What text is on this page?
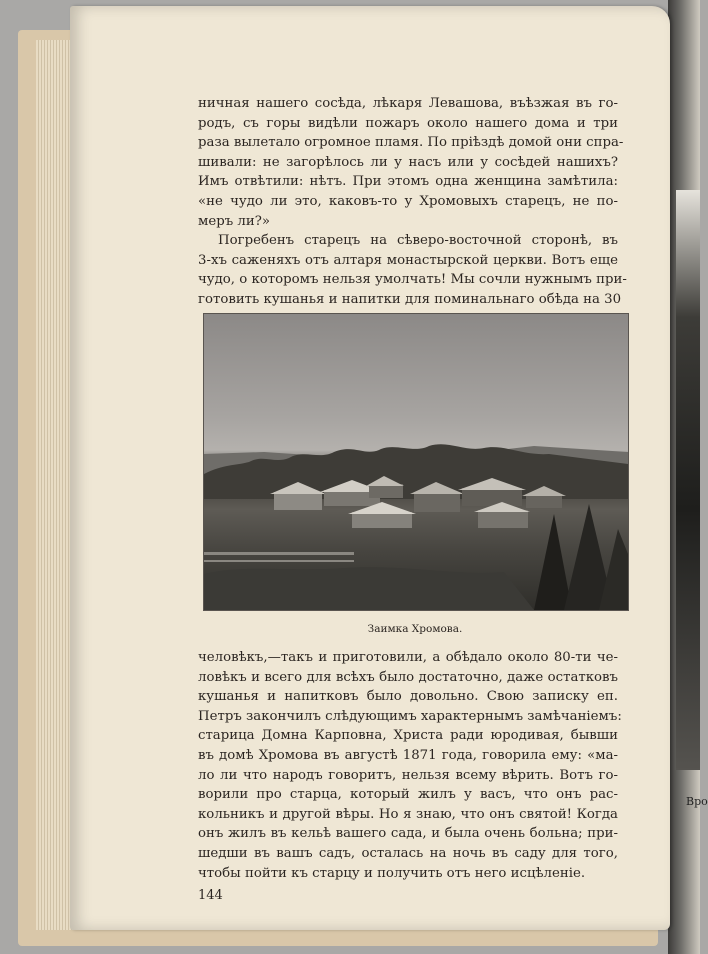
Вро
ничная нашего сосѣда, лѣкаря Левашова, въѣзжая въ го-
родъ, съ горы видѣли пожаръ около нашего дома и три
раза вылетало огромное пламя. По пріѣздѣ домой они спра-
шивали: не загорѣлось ли у насъ или у сосѣдей нашихъ?
Имъ отвѣтили: нѣтъ. При этомъ одна женщина замѣтила:
«не чудо ли это, каковъ-то у Хромовыхъ старецъ, не по-
меръ ли?»
Погребенъ старецъ на сѣверо-восточной сторонѣ, въ
3-хъ саженяхъ отъ алтаря монастырской церкви. Вотъ еще
чудо, о которомъ нельзя умолчать! Мы сочли нужнымъ при-
готовить кушанья и напитки для поминальнаго обѣда на 30
Заимка Хромова.
человѣкъ,—такъ и приготовили, а обѣдало около 80-ти че-
ловѣкъ и всего для всѣхъ было достаточно, даже остатковъ
кушанья и напитковъ было довольно. Свою записку еп.
Петръ закончилъ слѣдующимъ характернымъ замѣчаніемъ:
старица Домна Карповна, Христа ради юродивая, бывши
въ домѣ Хромова въ августѣ 1871 года, говорила ему: «ма-
ло ли что народъ говоритъ, нельзя всему вѣрить. Вотъ го-
ворили про старца, который жилъ у васъ, что онъ рас-
кольникъ и другой вѣры. Но я знаю, что онъ святой! Когда
онъ жилъ въ кельѣ вашего сада, и была очень больна; при-
шедши въ вашъ садъ, осталась на ночь въ саду для того,
чтобы пойти къ старцу и получить отъ него исцѣленіе.
144
